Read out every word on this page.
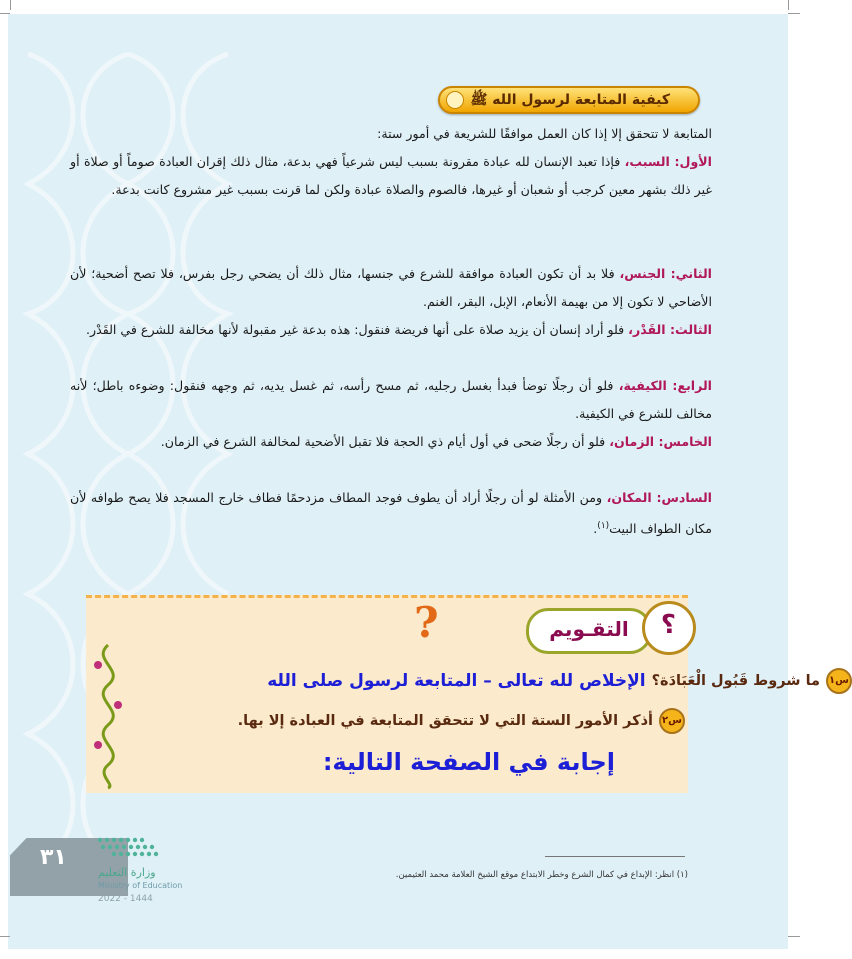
كيفية المتابعة لرسول الله ﷺ
المتابعة لا تتحقق إلا إذا كان العمل موافقًا للشريعة في أمور ستة:
الأول: السبب، فإذا تعبد الإنسان لله عبادة مقرونة بسبب ليس شرعياً فهي بدعة، مثال ذلك إقران العبادة صوماً أو صلاة أو غير ذلك بشهر معين كرجب أو شعبان أو غيرها، فالصوم والصلاة عبادة ولكن لما قرنت بسبب غير مشروع كانت بدعة.
الثاني: الجنس، فلا بد أن تكون العبادة موافقة للشرع في جنسها، مثال ذلك أن يضحي رجل بفرس، فلا تصح أضحية؛ لأن الأضاحي لا تكون إلا من بهيمة الأنعام، الإبل، البقر، الغنم.
الثالث: القَدْر، فلو أراد إنسان أن يزيد صلاة على أنها فريضة فنقول: هذه بدعة غير مقبولة لأنها مخالفة للشرع في القَدْر.
الرابع: الكيفية، فلو أن رجلًا توضأ فبدأ بغسل رجليه، ثم مسح رأسه، ثم غسل يديه، ثم وجهه فنقول: وضوءه باطل؛ لأنه مخالف للشرع في الكيفية.
الخامس: الزمان، فلو أن رجلًا ضحى في أول أيام ذي الحجة فلا تقبل الأضحية لمخالفة الشرع في الزمان.
السادس: المكان، ومن الأمثلة لو أن رجلًا أراد أن يطوف فوجد المطاف مزدحمًا فطاف خارج المسجد فلا يصح طوافه لأن مكان الطواف البيت$^{(١)}$.
?	التقـويم	؟
س١
ما شروط قَبُول الْعَبَادَة؟
الإخلاص لله تعالى – المتابعة لرسول صلى الله
س٢
أذكر الأمور الستة التي لا تتحقق المتابعة في العبادة إلا بها.
إجابة في الصفحة التالية:
٣١
وزارة التعليم
Ministry of Education
2022 - 1444
(١) انظر: الإبداع في كمال الشرع وخطر الابتداع موقع الشيخ العلامة محمد العثيمين.
